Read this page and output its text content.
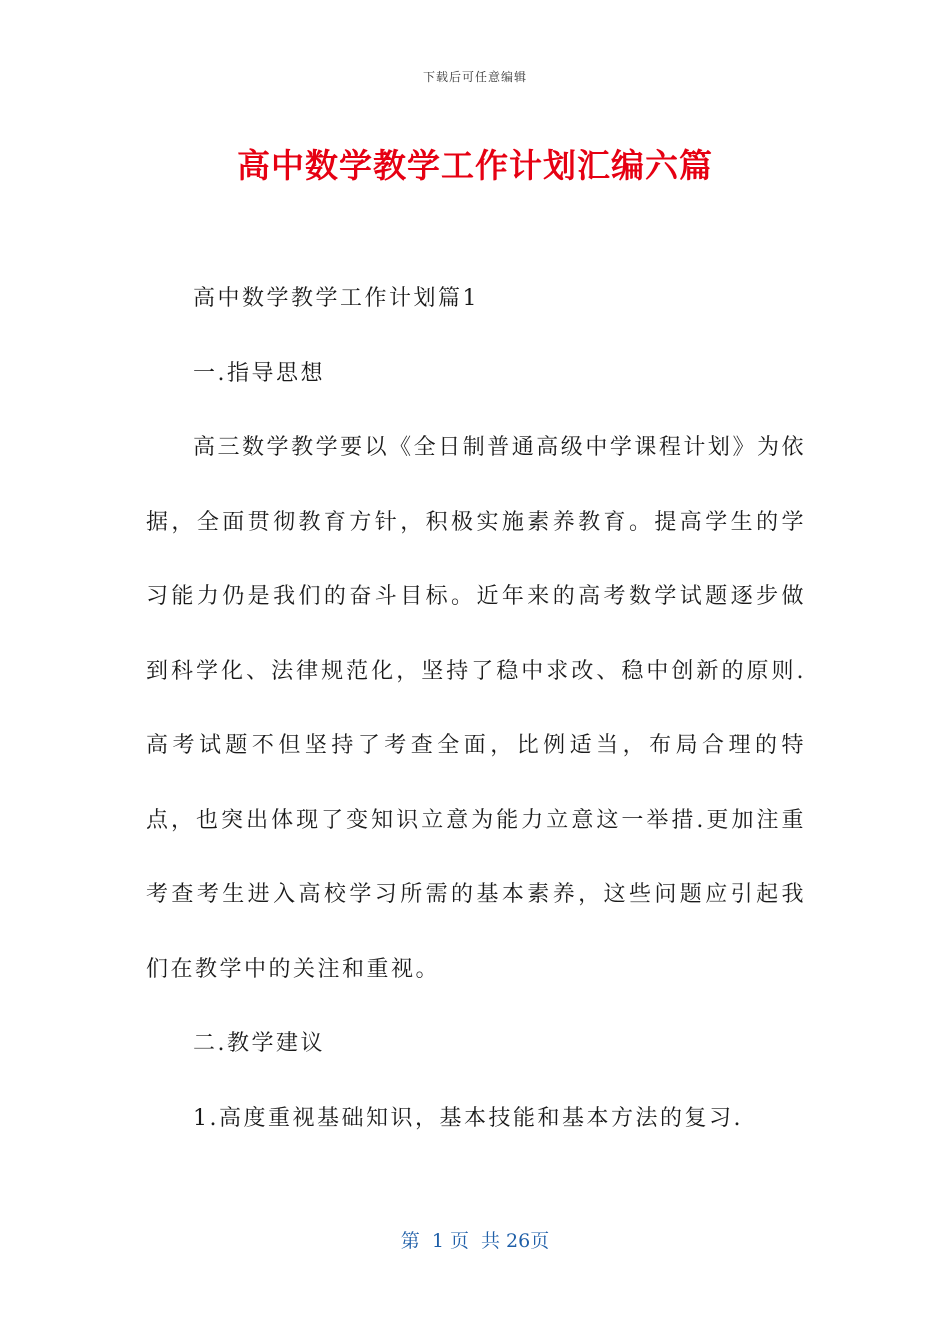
下载后可任意编辑
高中数学教学工作计划汇编六篇

高中数学教学工作计划篇1

一.指导思想

高三数学教学要以《全日制普通高级中学课程计划》为依据，全面贯彻教育方针，积极实施素养教育。提高学生的学习能力仍是我们的奋斗目标。近年来的高考数学试题逐步做到科学化、法律规范化，坚持了稳中求改、稳中创新的原则.高考试题不但坚持了考查全面，比例适当，布局合理的特点，也突出体现了变知识立意为能力立意这一举措.更加注重考查考生进入高校学习所需的基本素养，这些问题应引起我们在教学中的关注和重视。

二.教学建议

1.高度重视基础知识，基本技能和基本方法的复习.

第  1 页  共 26页
